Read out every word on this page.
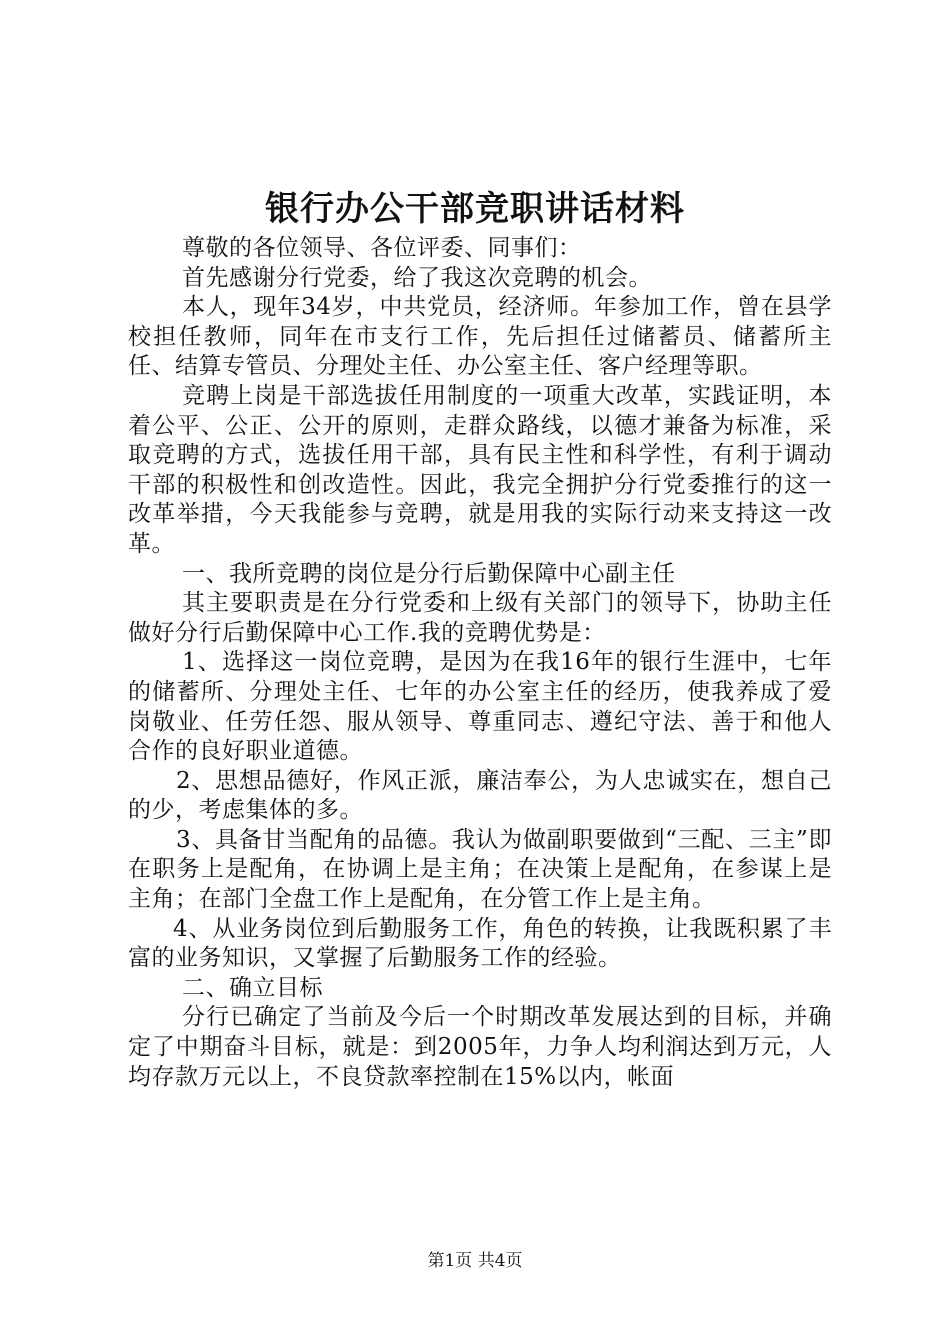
银行办公干部竞职讲话材料

尊敬的各位领导、各位评委、同事们：

首先感谢分行党委，给了我这次竞聘的机会。

本人，现年34岁，中共党员，经济师。年参加工作，曾在县学校担任教师，同年在市支行工作，先后担任过储蓄员、储蓄所主任、结算专管员、分理处主任、办公室主任、客户经理等职。

竞聘上岗是干部选拔任用制度的一项重大改革，实践证明，本着公平、公正、公开的原则，走群众路线，以德才兼备为标准，采取竞聘的方式，选拔任用干部，具有民主性和科学性，有利于调动干部的积极性和创改造性。因此，我完全拥护分行党委推行的这一改革举措，今天我能参与竞聘，就是用我的实际行动来支持这一改革。

一、我所竞聘的岗位是分行后勤保障中心副主任

其主要职责是在分行党委和上级有关部门的领导下，协助主任做好分行后勤保障中心工作.我的竞聘优势是：

1、选择这一岗位竞聘，是因为在我16年的银行生涯中，七年的储蓄所、分理处主任、七年的办公室主任的经历，使我养成了爱岗敬业、任劳任怨、服从领导、尊重同志、遵纪守法、善于和他人合作的良好职业道德。

2、思想品德好，作风正派，廉洁奉公，为人忠诚实在，想自己的少，考虑集体的多。

3、具备甘当配角的品德。我认为做副职要做到“三配、三主”即在职务上是配角，在协调上是主角；在决策上是配角，在参谋上是主角；在部门全盘工作上是配角，在分管工作上是主角。

4、从业务岗位到后勤服务工作，角色的转换，让我既积累了丰富的业务知识，又掌握了后勤服务工作的经验。

二、确立目标

分行已确定了当前及今后一个时期改革发展达到的目标，并确定了中期奋斗目标，就是：到2005年，力争人均利润达到万元，人均存款万元以上，不良贷款率控制在15%以内，帐面

第1页 共4页
